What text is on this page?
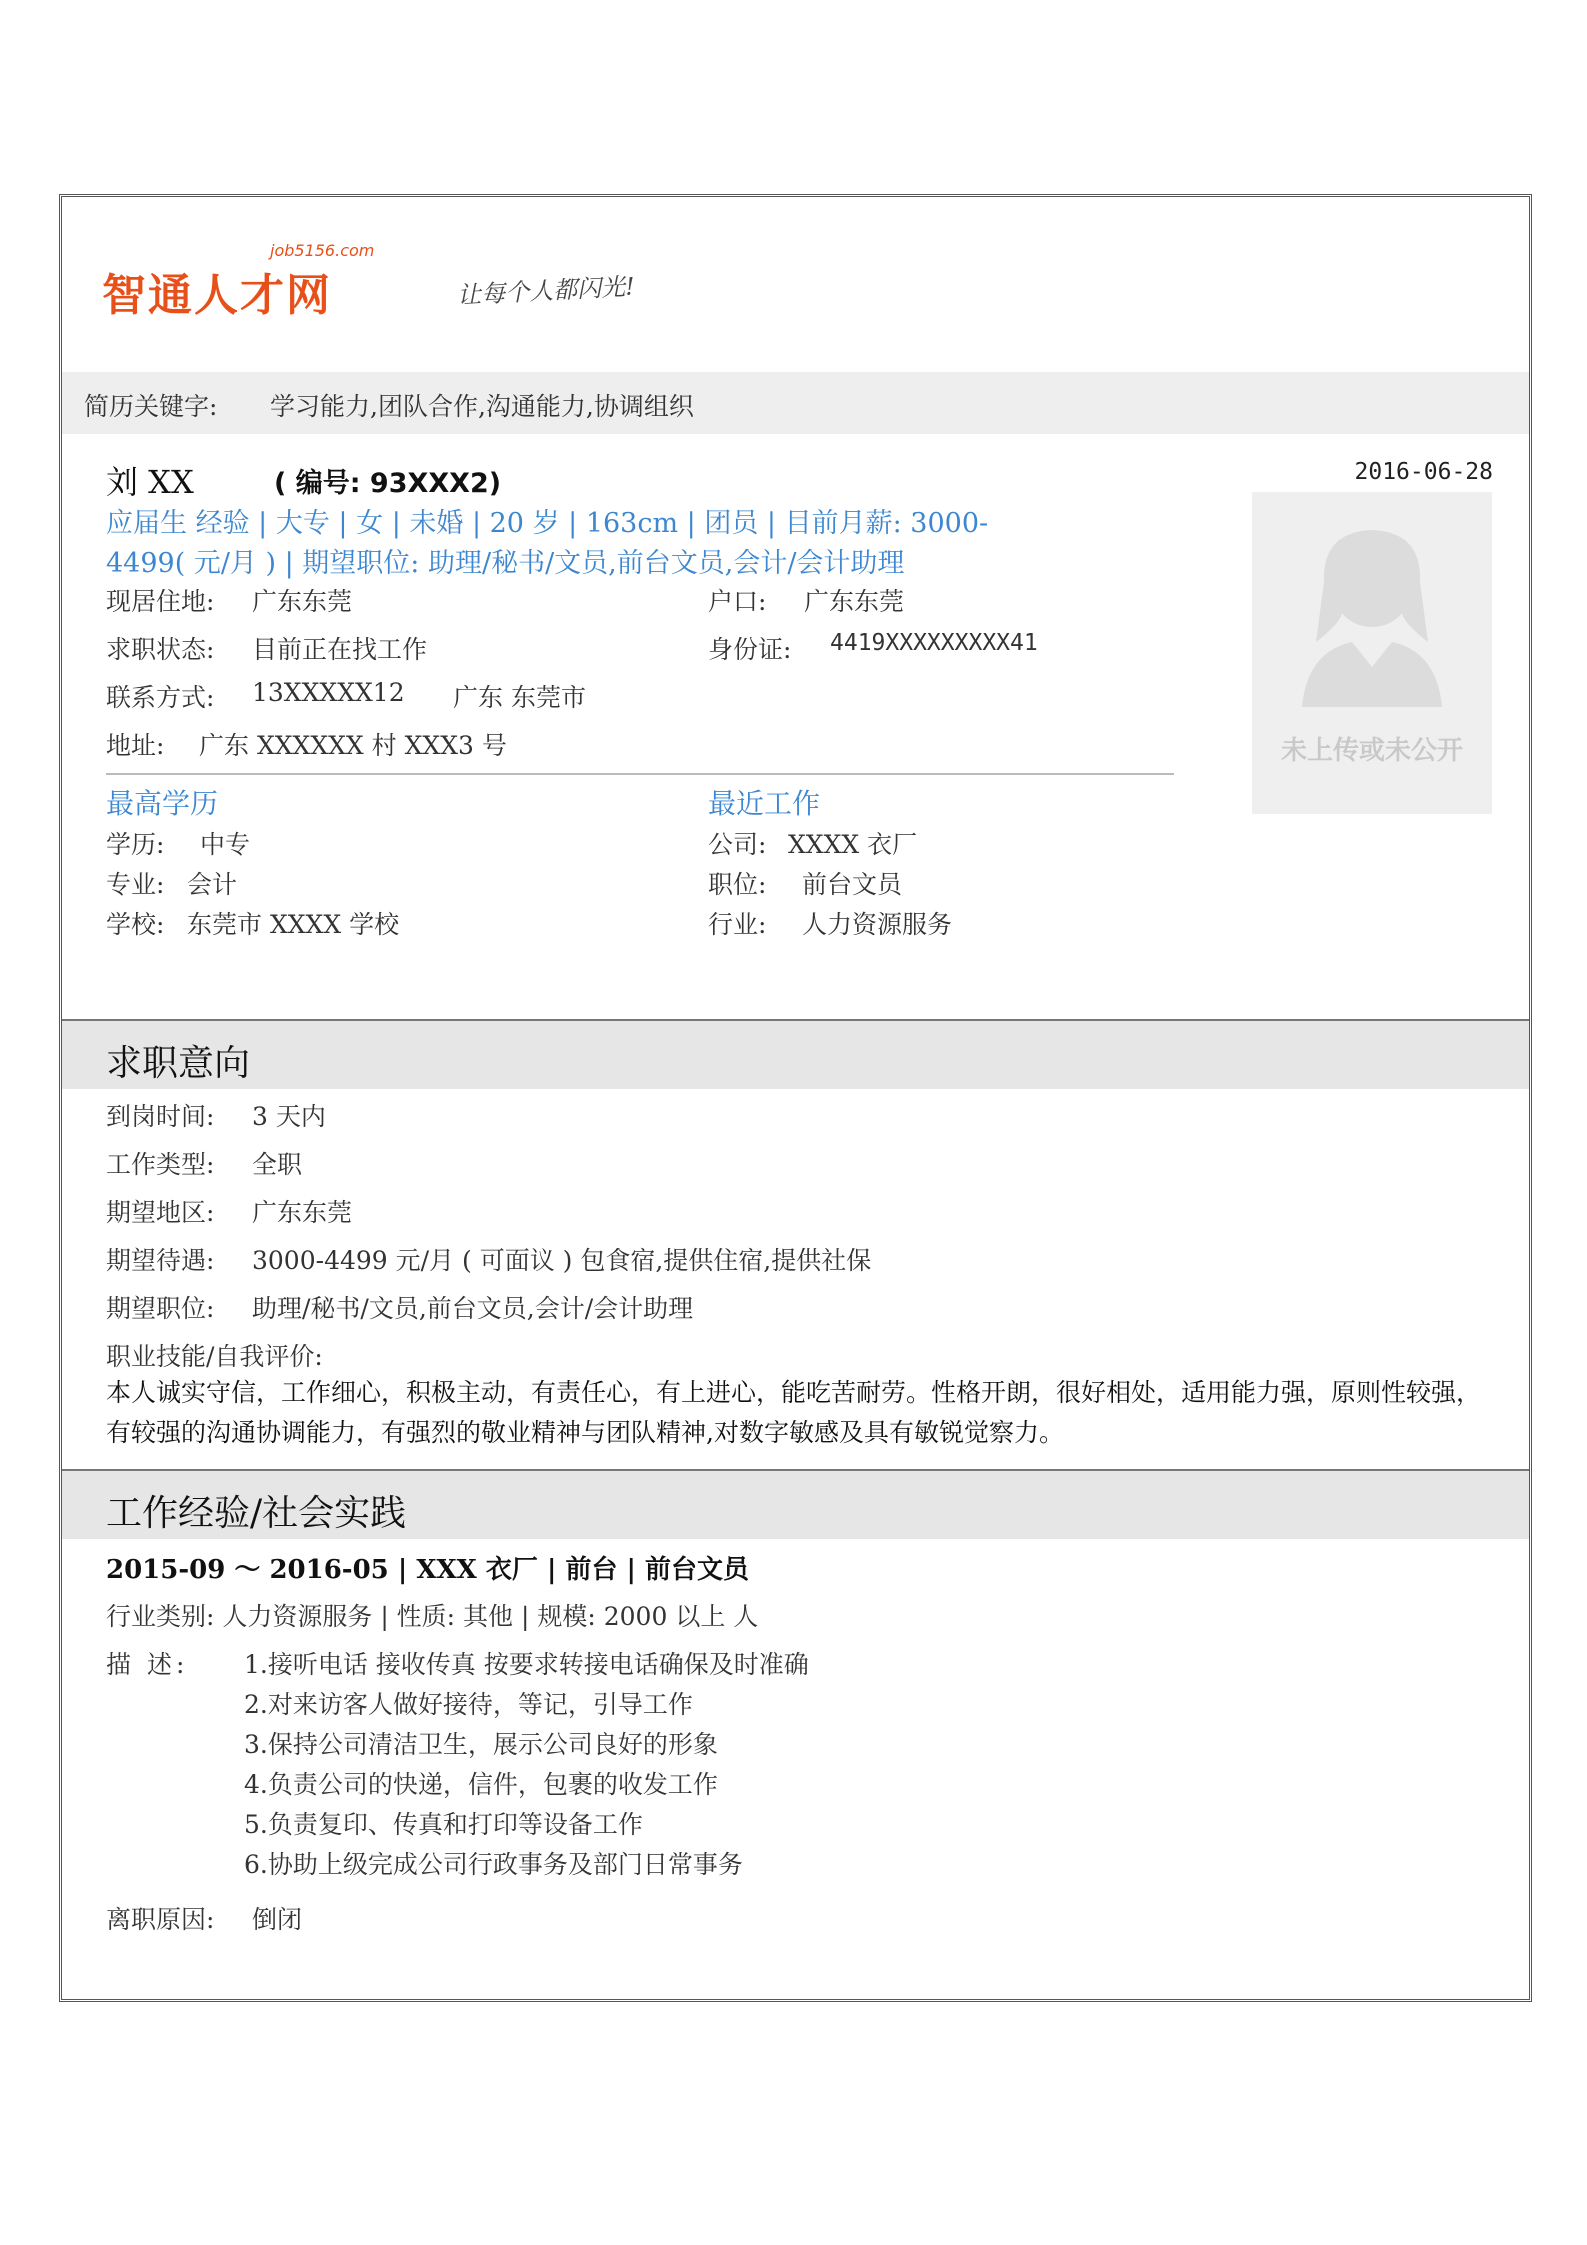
智通人才网
job5156.com
让每个人都闪光!
简历关键字: 学习能力,团队合作,沟通能力,协调组织
刘 XX	( 编号: 93XXX2)	2016-06-28
应届生 经验 | 大专 | 女 | 未婚 | 20 岁 | 163cm | 团员 | 目前月薪: 3000-
4499( 元/月 ) | 期望职位: 助理/秘书/文员,前台文员,会计/会计助理
现居住地: 广东东莞	户口: 广东东莞
求职状态: 目前正在找工作	身份证: 4419XXXXXXXXX41
联系方式: 13XXXXX12 广东 东莞市
地址: 广东 XXXXXX 村 XXX3 号	未上传或未公开
最高学历
学历: 中专
专业: 会计
学校: 东莞市 XXXX 学校
最近工作
公司: XXXX 衣厂
职位: 前台文员
行业: 人力资源服务
求职意向
到岗时间: 3 天内
工作类型: 全职
期望地区: 广东东莞
期望待遇: 3000-4499 元/月 ( 可面议 ) 包食宿,提供住宿,提供社保
期望职位: 助理/秘书/文员,前台文员,会计/会计助理
职业技能/自我评价:
本人诚实守信，工作细心，积极主动，有责任心，有上进心，能吃苦耐劳。性格开朗，很好相处，适用能力强，原则性较强，有较强的沟通协调能力，有强烈的敬业精神与团队精神,对数字敏感及具有敏锐觉察力。
工作经验/社会实践
2015-09 ～ 2016-05 | XXX 衣厂 | 前台 | 前台文员
行业类别: 人力资源服务 | 性质: 其他 | 规模: 2000 以上 人
描 述: 1.接听电话 接收传真 按要求转接电话确保及时准确
2.对来访客人做好接待，等记，引导工作
3.保持公司清洁卫生，展示公司良好的形象
4.负责公司的快递，信件，包裹的收发工作
5.负责复印、传真和打印等设备工作
6.协助上级完成公司行政事务及部门日常事务
离职原因: 倒闭
